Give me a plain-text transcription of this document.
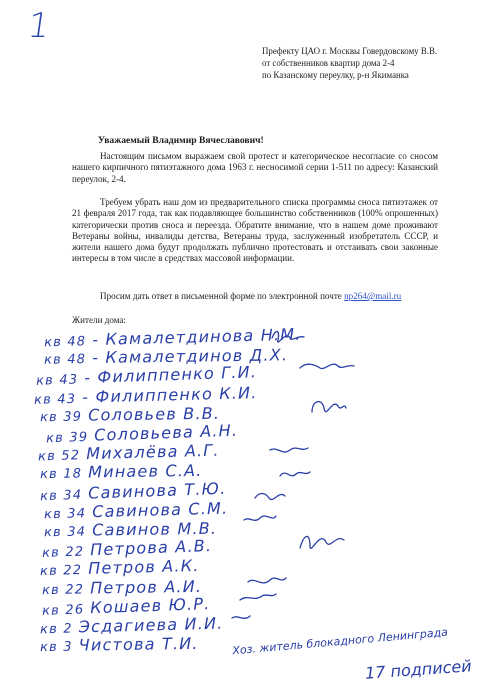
1
Префекту ЦАО г. Москвы Говердовскому В.В.
от собственников квартир дома 2-4
по Казанскому переулку, р-н Якиманка
Уважаемый Владимир Вячеславович!
Настоящим письмом выражаем свой протест и категорическое несогласие со сносом нашего кирпичного пятиэтажного дома 1963 г. несносимой серии 1-511 по адресу: Казанский переулок, 2-4.
Требуем убрать наш дом из предварительного списка программы сноса пятиэтажек от 21 февраля 2017 года, так как подавляющее большинство собственников (100% опрошенных) категорически против сноса и переезда. Обратите внимание, что в нашем доме проживают Ветераны войны, инвалиды детства, Ветераны труда, заслуженный изобретатель СССР, и жители нашего дома будут продолжать публично протестовать и отстаивать свои законные интересы в том числе в средствах массовой информации.
Просим дать ответ в письменной форме по электронной почте np264@mail.ru
Жители дома:
кв 48 - Камалетдинова Н.М.
кв 48 - Камалетдинов Д.Х.
кв 43 - Филиппенко Г.И.
кв 43 - Филиппенко К.И.
кв 39 Соловьев В.В.
кв 39 Соловьева А.Н.
кв 52 Михалёва А.Г.
кв 18 Минаев С.А.
кв 34 Савинова Т.Ю.
кв 34 Савинова С.М.
кв 34 Савинов М.В.
кв 22 Петрова А.В.
кв 22 Петров А.К.
кв 22 Петров А.И.
кв 26 Кошаев Ю.Р.
кв 2 Эсдагиева И.И.
кв 3 Чистова Т.И.	Хоз. житель блокадного Ленинграда
17 подписей
